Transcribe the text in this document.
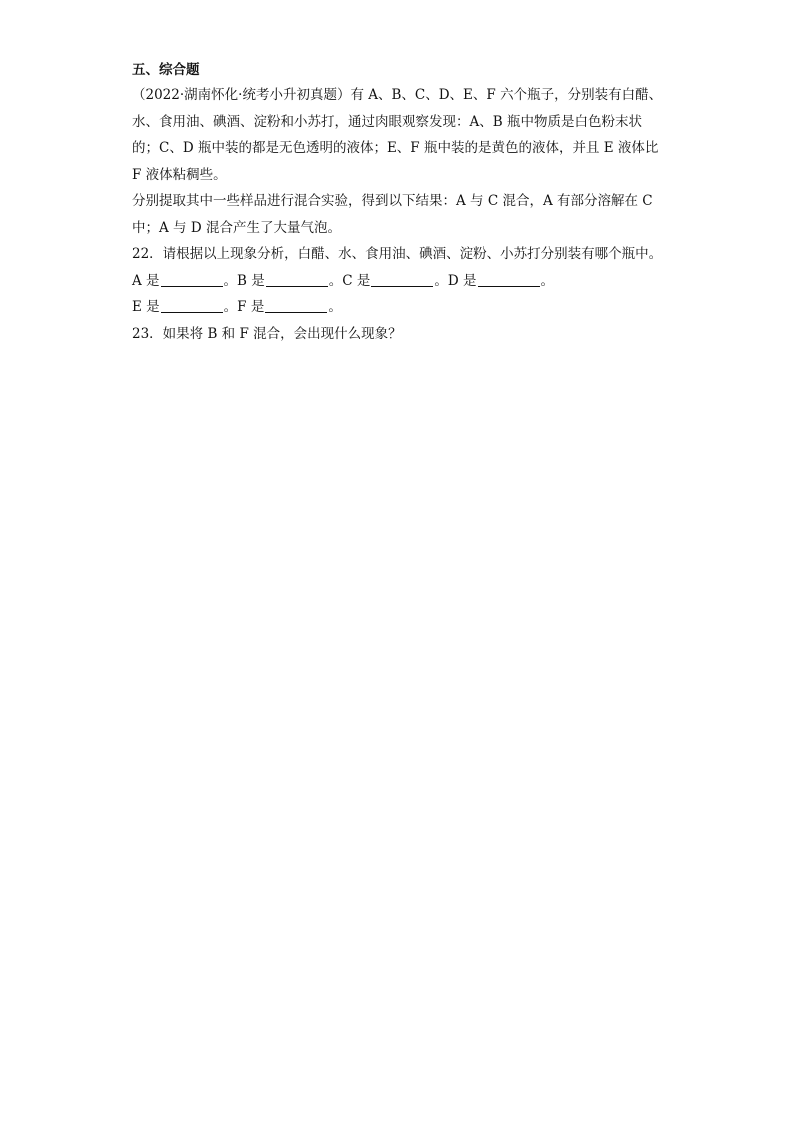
五、综合题

（2022·湖南怀化·统考小升初真题）有 A、B、C、D、E、F 六个瓶子，分别装有白醋、
水、食用油、碘酒、淀粉和小苏打，通过肉眼观察发现：A、B 瓶中物质是白色粉末状
的；C、D 瓶中装的都是无色透明的液体；E、F 瓶中装的是黄色的液体，并且 E 液体比
F 液体粘稠些。
分别提取其中一些样品进行混合实验，得到以下结果：A 与 C 混合，A 有部分溶解在 C
中；A 与 D 混合产生了大量气泡。

22．请根据以上现象分析，白醋、水、食用油、碘酒、淀粉、小苏打分别装有哪个瓶中。

A 是	。B 是	。C 是	。D 是	。
E 是	。F 是	。

23．如果将 B 和 F 混合，会出现什么现象？
